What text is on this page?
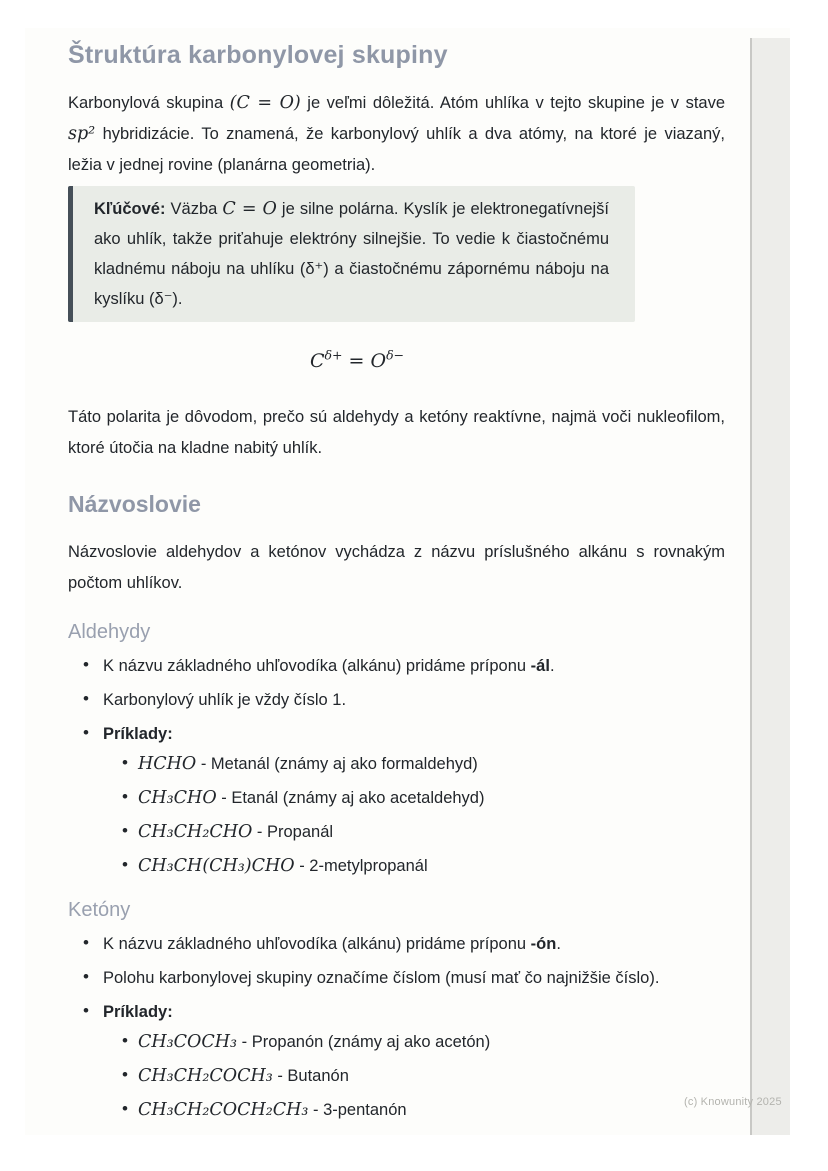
Štruktúra karbonylovej skupiny

Karbonylová skupina (C = O) je veľmi dôležitá. Atóm uhlíka v tejto skupine je v stave sp² hybridizácie. To znamená, že karbonylový uhlík a dva atómy, na ktoré je viazaný, ležia v jednej rovine (planárna geometria).

Kľúčové: Väzba C = O je silne polárna. Kyslík je elektronegatívnejší ako uhlík, takže priťahuje elektróny silnejšie. To vedie k čiastočnému kladnému náboju na uhlíku (δ⁺) a čiastočnému zápornému náboju na kyslíku (δ⁻).

$C^{\delta+} = O^{\delta-}$

Táto polarita je dôvodom, prečo sú aldehydy a ketóny reaktívne, najmä voči nukleofilom, ktoré útočia na kladne nabitý uhlík.

Názvoslovie

Názvoslovie aldehydov a ketónov vychádza z názvu príslušného alkánu s rovnakým počtom uhlíkov.

Aldehydy
• K názvu základného uhľovodíka (alkánu) pridáme príponu -ál.
• Karbonylový uhlík je vždy číslo 1.
• Príklady:
• HCHO - Metanál (známy aj ako formaldehyd)
• CH₃CHO - Etanál (známy aj ako acetaldehyd)
• CH₃CH₂CHO - Propanál
• CH₃CH(CH₃)CHO - 2-metylpropanál
Ketóny
• K názvu základného uhľovodíka (alkánu) pridáme príponu -ón.
• Polohu karbonylovej skupiny označíme číslom (musí mať čo najnižšie číslo).
• Príklady:
• CH₃COCH₃ - Propanón (známy aj ako acetón)
• CH₃CH₂COCH₃ - Butanón
• CH₃CH₂COCH₂CH₃ - 3-pentanón	(c) Knowunity 2025
